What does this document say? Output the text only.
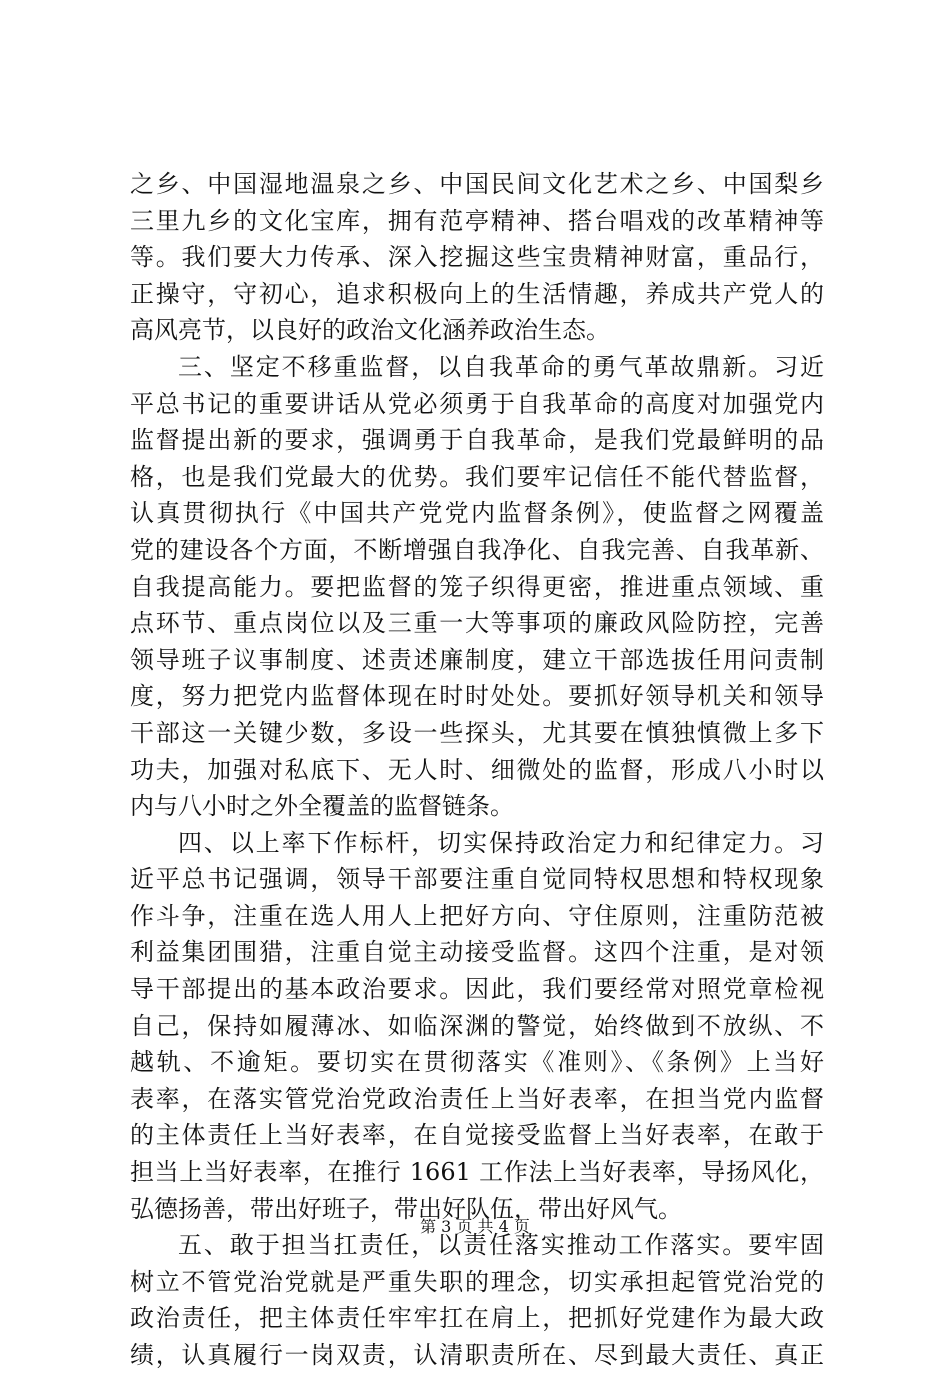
之乡、中国湿地温泉之乡、中国民间文化艺术之乡、中国梨乡
三里九乡的文化宝库，拥有范亭精神、搭台唱戏的改革精神等
等。我们要大力传承、深入挖掘这些宝贵精神财富，重品行，
正操守，守初心，追求积极向上的生活情趣，养成共产党人的
高风亮节，以良好的政治文化涵养政治生态。
三、坚定不移重监督，以自我革命的勇气革故鼎新。习近
平总书记的重要讲话从党必须勇于自我革命的高度对加强党内
监督提出新的要求，强调勇于自我革命，是我们党最鲜明的品
格，也是我们党最大的优势。我们要牢记信任不能代替监督，
认真贯彻执行《中国共产党党内监督条例》，使监督之网覆盖
党的建设各个方面，不断增强自我净化、自我完善、自我革新、
自我提高能力。要把监督的笼子织得更密，推进重点领域、重
点环节、重点岗位以及三重一大等事项的廉政风险防控，完善
领导班子议事制度、述责述廉制度，建立干部选拔任用问责制
度，努力把党内监督体现在时时处处。要抓好领导机关和领导
干部这一关键少数，多设一些探头，尤其要在慎独慎微上多下
功夫，加强对私底下、无人时、细微处的监督，形成八小时以
内与八小时之外全覆盖的监督链条。
四、以上率下作标杆，切实保持政治定力和纪律定力。习
近平总书记强调，领导干部要注重自觉同特权思想和特权现象
作斗争，注重在选人用人上把好方向、守住原则，注重防范被
利益集团围猎，注重自觉主动接受监督。这四个注重，是对领
导干部提出的基本政治要求。因此，我们要经常对照党章检视
自己，保持如履薄冰、如临深渊的警觉，始终做到不放纵、不
越轨、不逾矩。要切实在贯彻落实《准则》、《条例》上当好
表率，在落实管党治党政治责任上当好表率，在担当党内监督
的主体责任上当好表率，在自觉接受监督上当好表率，在敢于
担当上当好表率，在推行 1661 工作法上当好表率，导扬风化，
弘德扬善，带出好班子，带出好队伍，带出好风气。
五、敢于担当扛责任，以责任落实推动工作落实。要牢固
树立不管党治党就是严重失职的理念，切实承担起管党治党的
政治责任，把主体责任牢牢扛在肩上，把抓好党建作为最大政
绩，认真履行一岗双责，认清职责所在、尽到最大责任、真正
第 3 页 共 4 页
